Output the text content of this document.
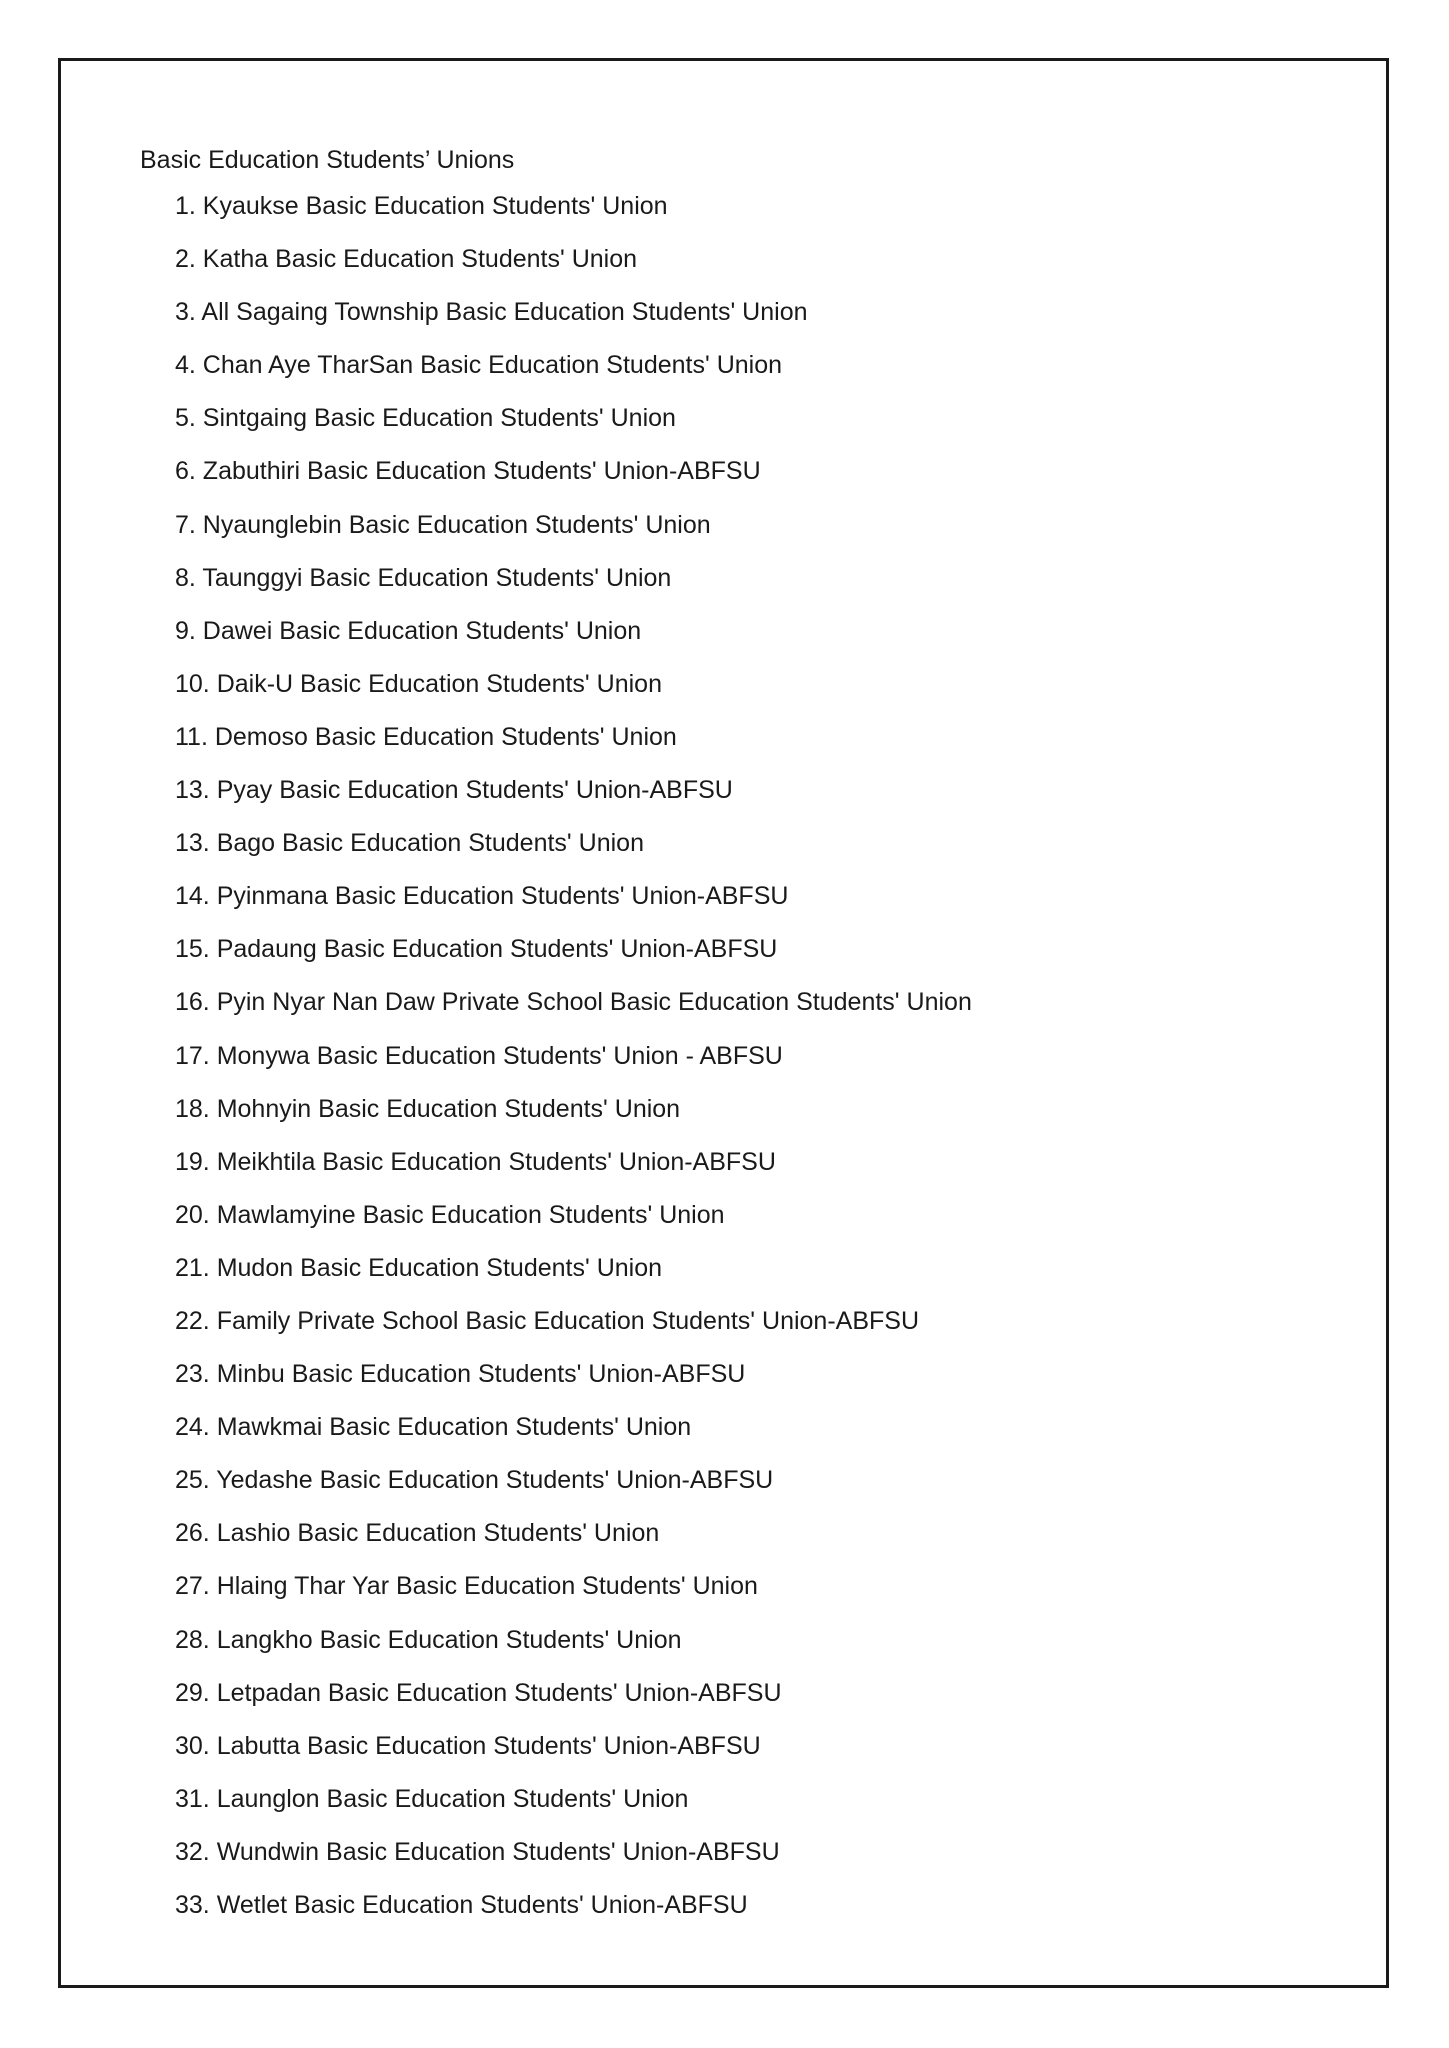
Basic Education Students’ Unions
1. Kyaukse Basic Education Students' Union
2. Katha Basic Education Students' Union
3. All Sagaing Township Basic Education Students' Union
4. Chan Aye TharSan Basic Education Students' Union
5. Sintgaing Basic Education Students' Union
6. Zabuthiri Basic Education Students' Union-ABFSU
7. Nyaunglebin Basic Education Students' Union
8. Taunggyi Basic Education Students' Union
9. Dawei Basic Education Students' Union
10. Daik-U Basic Education Students' Union
11. Demoso Basic Education Students' Union
13. Pyay Basic Education Students' Union-ABFSU
13. Bago Basic Education Students' Union
14. Pyinmana Basic Education Students' Union-ABFSU
15. Padaung Basic Education Students' Union-ABFSU
16. Pyin Nyar Nan Daw Private School Basic Education Students' Union
17. Monywa Basic Education Students' Union - ABFSU
18. Mohnyin Basic Education Students' Union
19. Meikhtila Basic Education Students' Union-ABFSU
20. Mawlamyine Basic Education Students' Union
21. Mudon Basic Education Students' Union
22. Family Private School Basic Education Students' Union-ABFSU
23. Minbu Basic Education Students' Union-ABFSU
24. Mawkmai Basic Education Students' Union
25. Yedashe Basic Education Students' Union-ABFSU
26. Lashio Basic Education Students' Union
27. Hlaing Thar Yar Basic Education Students' Union
28. Langkho Basic Education Students' Union
29. Letpadan Basic Education Students' Union-ABFSU
30. Labutta Basic Education Students' Union-ABFSU
31. Launglon Basic Education Students' Union
32. Wundwin Basic Education Students' Union-ABFSU
33. Wetlet Basic Education Students' Union-ABFSU
